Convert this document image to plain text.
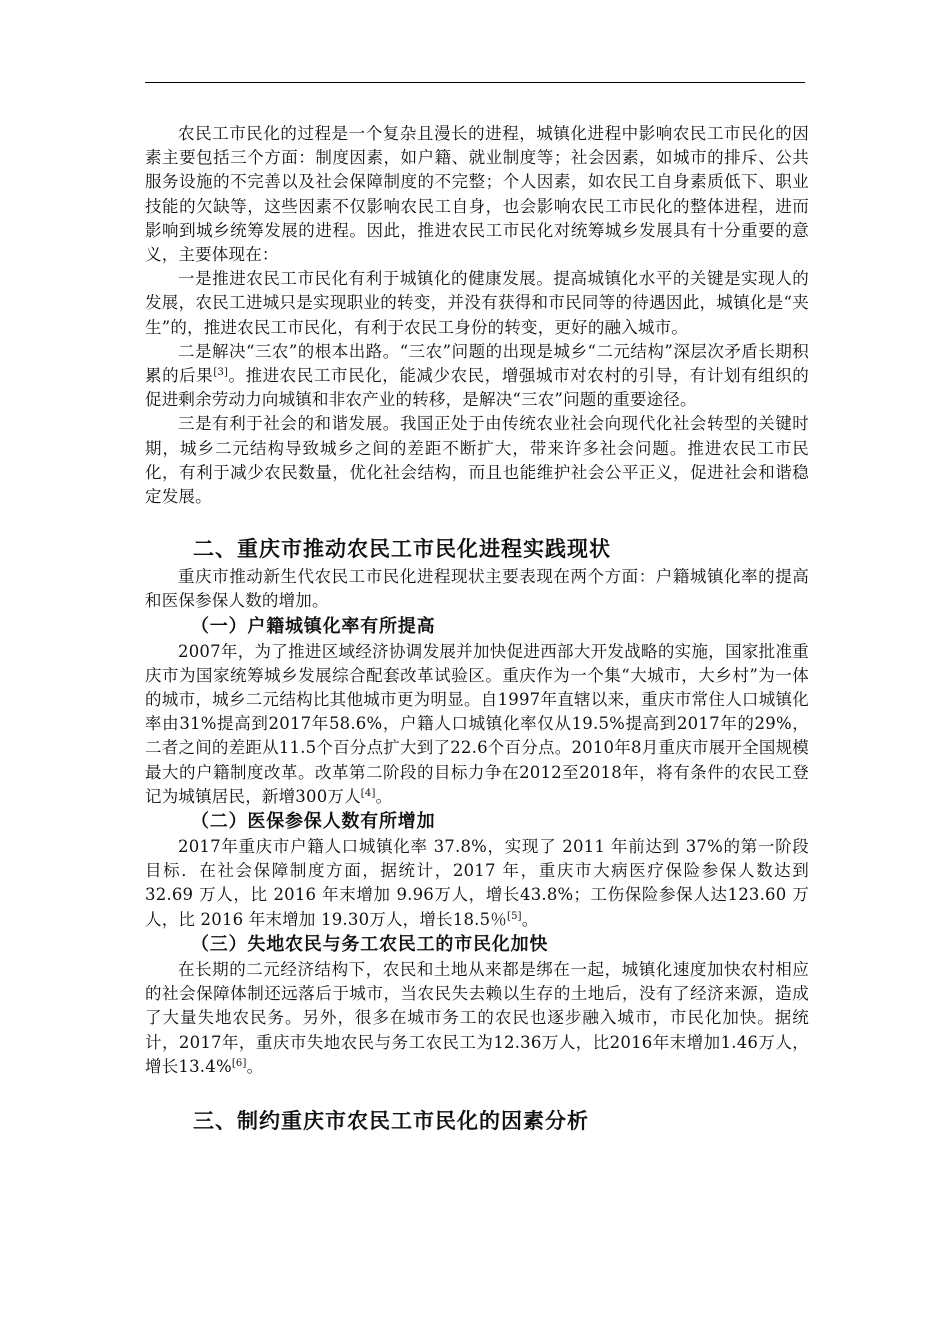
农民工市民化的过程是一个复杂且漫长的进程，城镇化进程中影响农民工市民化的因素主要包括三个方面：制度因素，如户籍、就业制度等；社会因素，如城市的排斥、公共服务设施的不完善以及社会保障制度的不完整；个人因素，如农民工自身素质低下、职业技能的欠缺等，这些因素不仅影响农民工自身，也会影响农民工市民化的整体进程，进而影响到城乡统筹发展的进程。因此，推进农民工市民化对统筹城乡发展具有十分重要的意义，主要体现在：

一是推进农民工市民化有利于城镇化的健康发展。提高城镇化水平的关键是实现人的发展，农民工进城只是实现职业的转变，并没有获得和市民同等的待遇因此，城镇化是“夹生”的，推进农民工市民化，有利于农民工身份的转变，更好的融入城市。

二是解决“三农”的根本出路。“三农”问题的出现是城乡“二元结构”深层次矛盾长期积累的后果[3]。推进农民工市民化，能减少农民，增强城市对农村的引导，有计划有组织的促进剩余劳动力向城镇和非农产业的转移，是解决“三农”问题的重要途径。

三是有利于社会的和谐发展。我国正处于由传统农业社会向现代化社会转型的关键时期，城乡二元结构导致城乡之间的差距不断扩大，带来许多社会问题。推进农民工市民化，有利于减少农民数量，优化社会结构，而且也能维护社会公平正义，促进社会和谐稳定发展。

二、重庆市推动农民工市民化进程实践现状

重庆市推动新生代农民工市民化进程现状主要表现在两个方面：户籍城镇化率的提高和医保参保人数的增加。

（一）户籍城镇化率有所提高

2007年，为了推进区域经济协调发展并加快促进西部大开发战略的实施，国家批准重庆市为国家统筹城乡发展综合配套改革试验区。重庆作为一个集“大城市，大乡村”为一体的城市，城乡二元结构比其他城市更为明显。自1997年直辖以来，重庆市常住人口城镇化率由31%提高到2017年58.6%，户籍人口城镇化率仅从19.5%提高到2017年的29%，二者之间的差距从11.5个百分点扩大到了22.6个百分点。2010年8月重庆市展开全国规模最大的户籍制度改革。改革第二阶段的目标力争在2012至2018年，将有条件的农民工登记为城镇居民，新增300万人[4]。

（二）医保参保人数有所增加

2017年重庆市户籍人口城镇化率 37.8%，实现了 2011 年前达到 37%的第一阶段目标．在社会保障制度方面，据统计，2017 年，重庆市大病医疗保险参保人数达到32.69 万人，比 2016 年末增加 9.96万人，增长43.8%；工伤保险参保人达123.60 万人，比 2016 年末增加 19.30万人，增长18.5％[5]。

（三）失地农民与务工农民工的市民化加快

在长期的二元经济结构下，农民和土地从来都是绑在一起，城镇化速度加快农村相应的社会保障体制还远落后于城市，当农民失去赖以生存的土地后，没有了经济来源，造成了大量失地农民务。另外，很多在城市务工的农民也逐步融入城市，市民化加快。据统计，2017年，重庆市失地农民与务工农民工为12.36万人，比2016年末增加1.46万人，增长13.4%[6]。

三、制约重庆市农民工市民化的因素分析
